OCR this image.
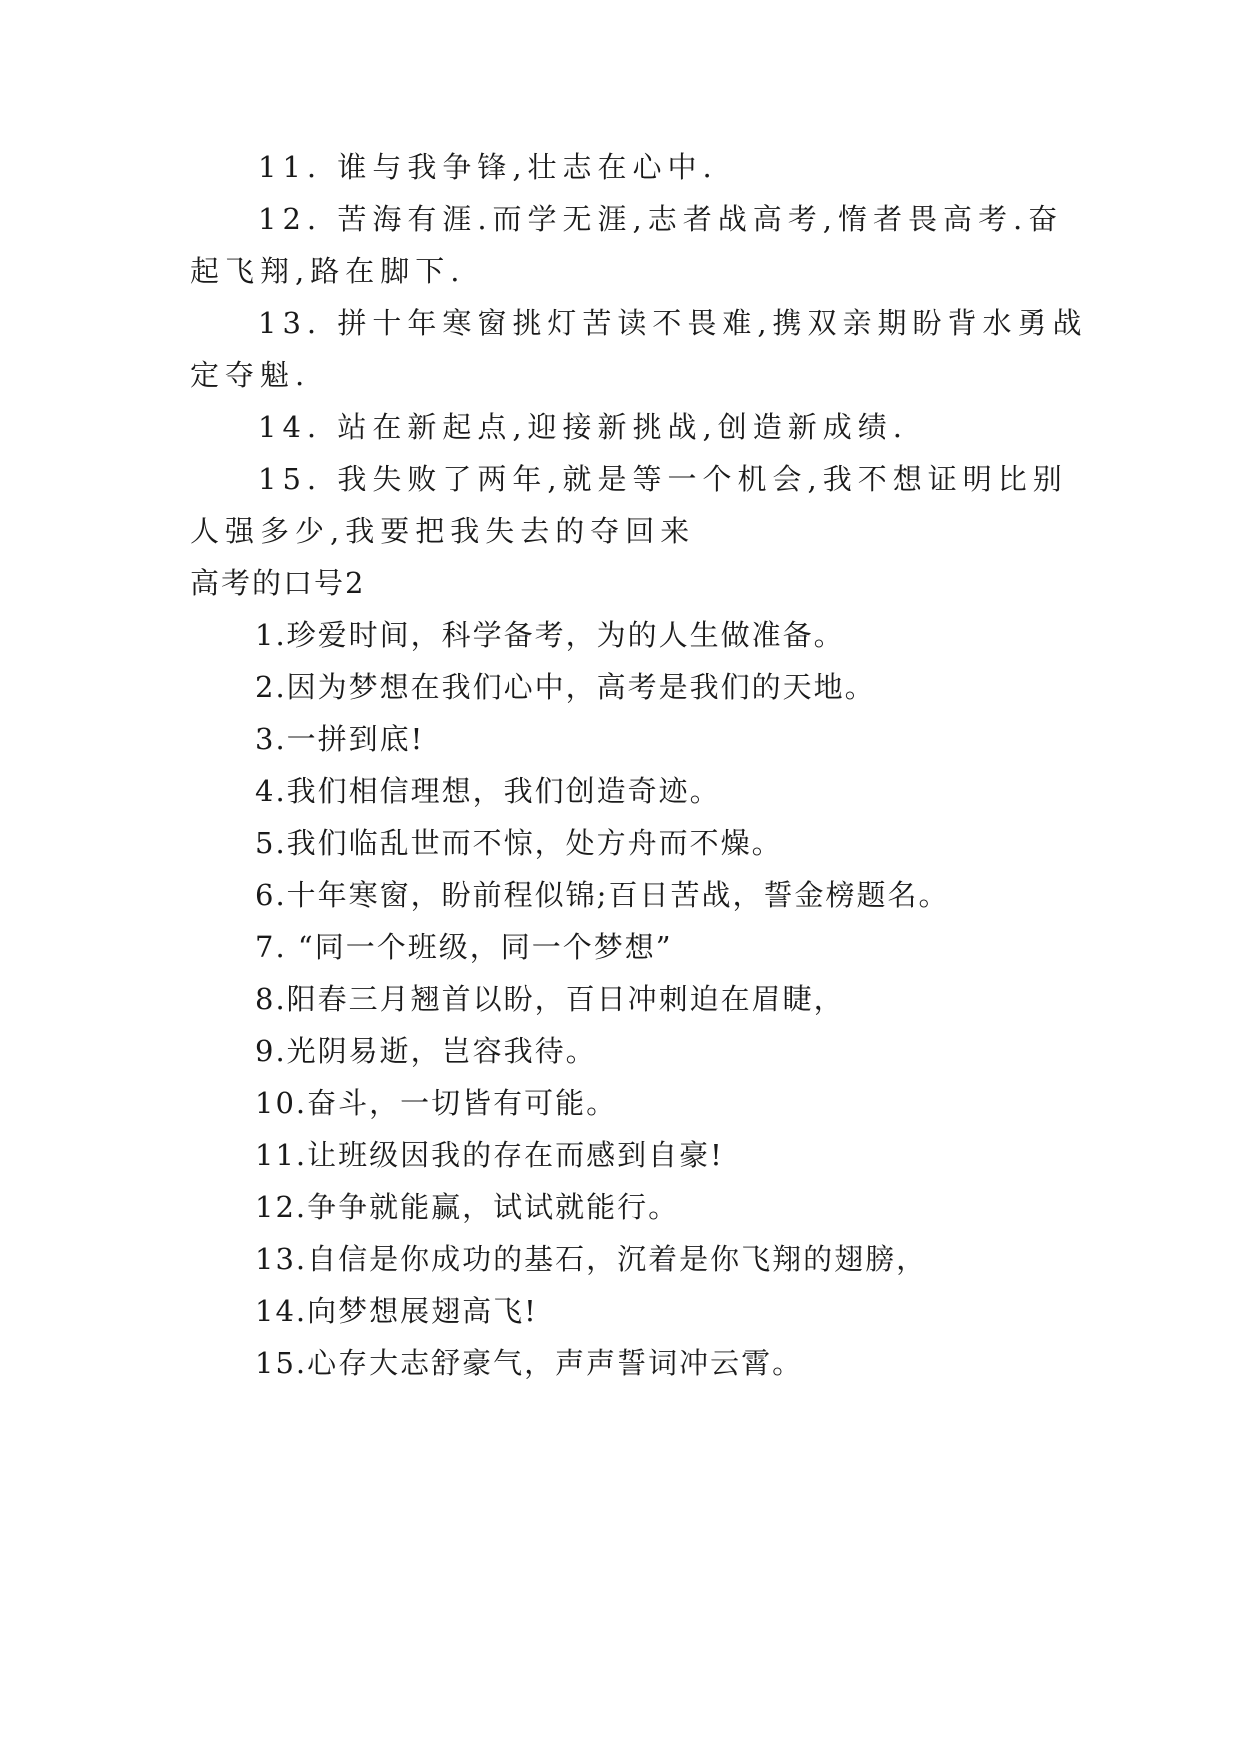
11. 谁与我争锋,壮志在心中.
12. 苦海有涯.而学无涯,志者战高考,惰者畏高考.奋
起飞翔,路在脚下.
13. 拼十年寒窗挑灯苦读不畏难,携双亲期盼背水勇战
定夺魁.
14. 站在新起点,迎接新挑战,创造新成绩.
15. 我失败了两年,就是等一个机会,我不想证明比别
人强多少,我要把我失去的夺回来
高考的口号2
1.珍爱时间，科学备考，为的人生做准备。
2.因为梦想在我们心中，高考是我们的天地。
3.一拼到底!
4.我们相信理想，我们创造奇迹。
5.我们临乱世而不惊，处方舟而不燥。
6.十年寒窗，盼前程似锦;百日苦战，誓金榜题名。
7. “同一个班级，同一个梦想”
8.阳春三月翘首以盼，百日冲刺迫在眉睫，
9.光阴易逝，岂容我待。
10.奋斗，一切皆有可能。
11.让班级因我的存在而感到自豪!
12.争争就能赢，试试就能行。
13.自信是你成功的基石，沉着是你飞翔的翅膀，
14.向梦想展翅高飞!
15.心存大志舒豪气，声声誓词冲云霄。
